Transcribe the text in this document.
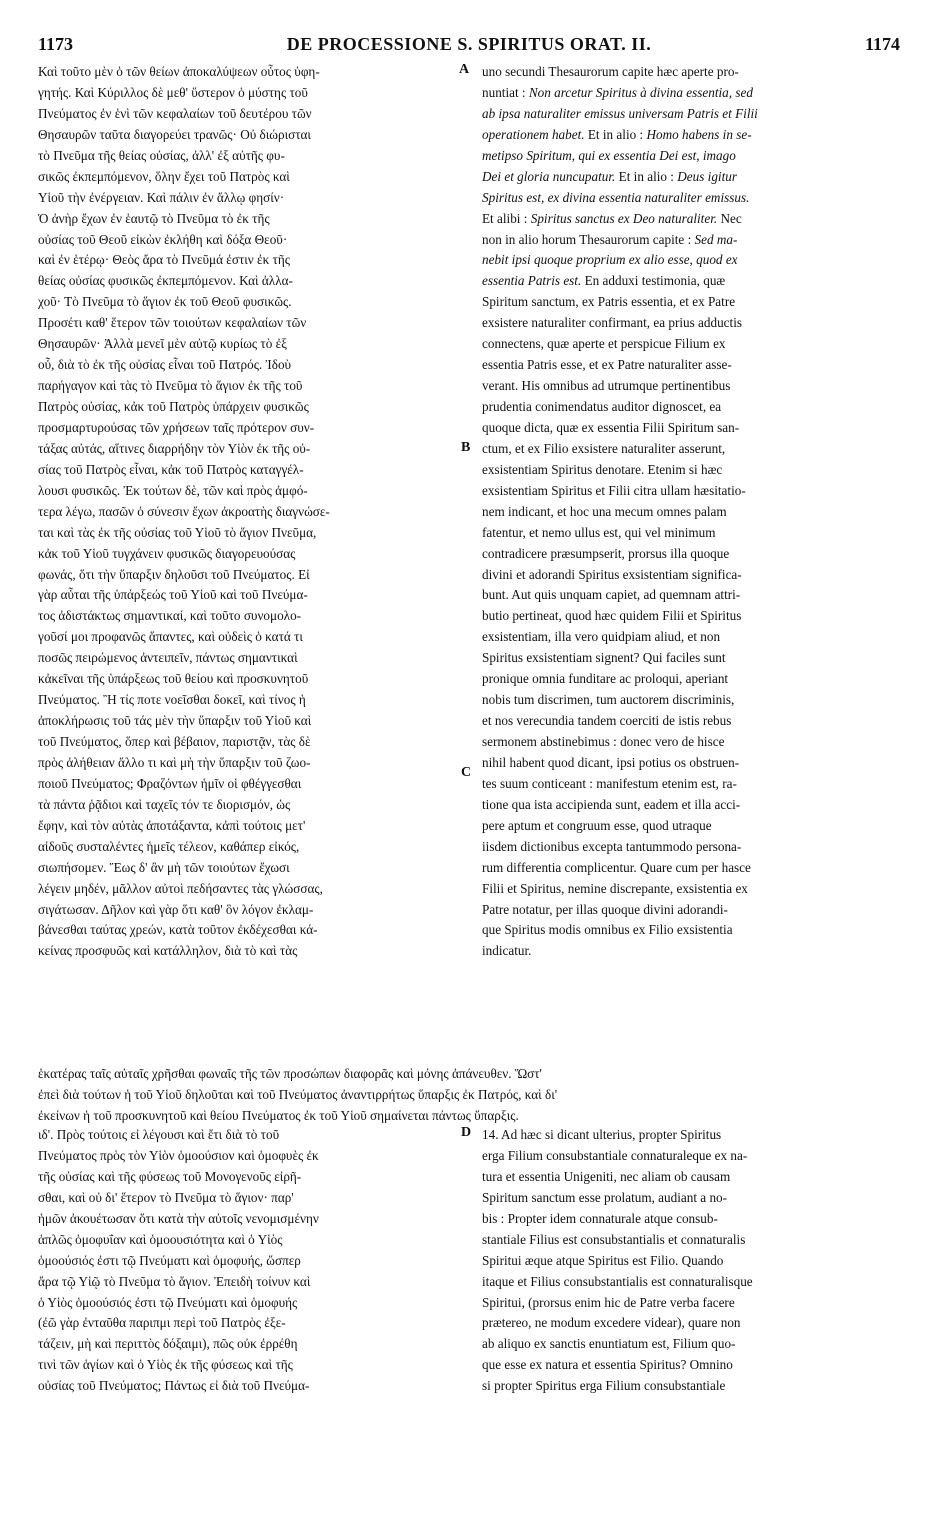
1173	DE PROCESSIONE S. SPIRITUS ORAT. II.	1174
A
B
C
D
Καὶ τοῦτο μὲν ὁ τῶν θείων ἀποκαλύψεων οὗτος ὑφη-
γητής. Καὶ Κύριλλος δὲ μεθ' ὕστερον ὁ μύστης τοῦ
Πνεύματος ἐν ἑνὶ τῶν κεφαλαίων τοῦ δευτέρου τῶν
Θησαυρῶν ταῦτα διαγορεύει τρανῶς· Οὐ διώρισται
τὸ Πνεῦμα τῆς θείας οὐσίας, ἀλλ' ἐξ αὐτῆς φυ-
σικῶς ἐκπεμπόμενον, ὅλην ἔχει τοῦ Πατρὸς καὶ
Υἱοῦ τὴν ἐνέργειαν. Καὶ πάλιν ἐν ἄλλῳ φησίν·
Ὁ ἀνὴρ ἔχων ἐν ἑαυτῷ τὸ Πνεῦμα τὸ ἐκ τῆς
οὐσίας τοῦ Θεοῦ εἰκὼν ἐκλήθη καὶ δόξα Θεοῦ·
καὶ ἐν ἑτέρῳ· Θεὸς ἄρα τὸ Πνεῦμά ἐστιν ἐκ τῆς
θείας οὐσίας φυσικῶς ἐκπεμπόμενον. Καὶ ἀλλα-
χοῦ· Τὸ Πνεῦμα τὸ ἅγιον ἐκ τοῦ Θεοῦ φυσικῶς.
Προσέτι καθ' ἕτερον τῶν τοιούτων κεφαλαίων τῶν
Θησαυρῶν· Ἀλλὰ μενεῖ μὲν αὐτῷ κυρίως τὸ ἐξ
οὗ, διὰ τὸ ἐκ τῆς οὐσίας εἶναι τοῦ Πατρός. Ἰδοὺ
παρήγαγον καὶ τὰς τὸ Πνεῦμα τὸ ἅγιον ἐκ τῆς τοῦ
Πατρὸς οὐσίας, κἀκ τοῦ Πατρὸς ὑπάρχειν φυσικῶς
προσμαρτυρούσας τῶν χρήσεων ταῖς πρότερον συν-
τάξας αὐτάς, αἵτινες διαρρήδην τὸν Υἱὸν ἐκ τῆς οὐ-
σίας τοῦ Πατρὸς εἶναι, κἀκ τοῦ Πατρὸς καταγγέλ-
λουσι φυσικῶς. Ἐκ τούτων δὲ, τῶν καὶ πρὸς ἀμφό-
τερα λέγω, πασῶν ὁ σύνεσιν ἔχων ἀκροατὴς διαγνώσε-
ται καὶ τὰς ἐκ τῆς οὐσίας τοῦ Υἱοῦ τὸ ἅγιον Πνεῦμα,
κἀκ τοῦ Υἱοῦ τυγχάνειν φυσικῶς διαγορευούσας
φωνάς, ὅτι τὴν ὕπαρξιν δηλοῦσι τοῦ Πνεύματος. Εἰ
γὰρ αὗται τῆς ὑπάρξεώς τοῦ Υἱοῦ καὶ τοῦ Πνεύμα-
τος ἀδιστάκτως σημαντικαί, καὶ τοῦτο συνομολο-
γοῦσί μοι προφανῶς ἅπαντες, καὶ οὐδεὶς ὁ κατά τι
ποσῶς πειρώμενος ἀντειπεῖν, πάντως σημαντικαὶ
κἀκεῖναι τῆς ὑπάρξεως τοῦ θείου καὶ προσκυνητοῦ
Πνεύματος. Ἢ τίς ποτε νοεῖσθαι δοκεῖ, καὶ τίνος ἡ
ἀποκλήρωσις τοῦ τάς μὲν τὴν ὕπαρξιν τοῦ Υἱοῦ καὶ
τοῦ Πνεύματος, ὅπερ καὶ βέβαιον, παριστᾷν, τὰς δὲ
πρὸς ἀλήθειαν ἄλλο τι καὶ μὴ τὴν ὕπαρξιν τοῦ ζωο-
ποιοῦ Πνεύματος; Φραζόντων ἡμῖν οἱ φθέγγεσθαι
τὰ πάντα ῥᾷδιοι καὶ ταχεῖς τόν τε διορισμόν, ὡς
ἔφην, καὶ τὸν αὐτὰς ἀποτάξαντα, κἀπὶ τούτοις μετ'
αἰδοῦς συσταλέντες ἡμεῖς τέλεον, καθάπερ εἰκός,
σιωπήσομεν. Ἕως δ' ἂν μὴ τῶν τοιούτων ἔχωσι
λέγειν μηδέν, μᾶλλον αὐτοὶ πεδήσαντες τὰς γλώσσας,
σιγάτωσαν. Δῆλον καὶ γὰρ ὅτι καθ' ὃν λόγον ἐκλαμ-
βάνεσθαι ταύτας χρεών, κατὰ τοῦτον ἐκδέχεσθαι κά-
κείνας προσφυῶς καὶ κατάλληλον, διὰ τὸ καὶ τὰς
uno secundi Thesaurorum capite hæc aperte pro-
nuntiat : Non arcetur Spiritus à divina essentia, sed
ab ipsa naturaliter emissus universam Patris et Filii
operationem habet. Et in alio : Homo habens in se-
metipso Spiritum, qui ex essentia Dei est, imago
Dei et gloria nuncupatur. Et in alio : Deus igitur
Spiritus est, ex divina essentia naturaliter emissus.
Et alibi : Spiritus sanctus ex Deo naturaliter. Nec
non in alio horum Thesaurorum capite : Sed ma-
nebit ipsi quoque proprium ex alio esse, quod ex
essentia Patris est. En adduxi testimonia, quæ
Spiritum sanctum, ex Patris essentia, et ex Patre
exsistere naturaliter confirmant, ea prius adductis
connectens, quæ aperte et perspicue Filium ex
essentia Patris esse, et ex Patre naturaliter asse-
verant. His omnibus ad utrumque pertinentibus
prudentia conimendatus auditor dignoscet, ea
quoque dicta, quæ ex essentia Filii Spiritum san-
ctum, et ex Filio exsistere naturaliter asserunt,
exsistentiam Spiritus denotare. Etenim si hæc
exsistentiam Spiritus et Filii citra ullam hæsitatio-
nem indicant, et hoc una mecum omnes palam
fatentur, et nemo ullus est, qui vel minimum
contradicere præsumpserit, prorsus illa quoque
divini et adorandi Spiritus exsistentiam significa-
bunt. Aut quis unquam capiet, ad quemnam attri-
butio pertineat, quod hæc quidem Filii et Spiritus
exsistentiam, illa vero quidpiam aliud, et non
Spiritus exsistentiam signent? Qui faciles sunt
pronique omnia funditare ac proloqui, aperiant
nobis tum discrimen, tum auctorem discriminis,
et nos verecundia tandem coerciti de istis rebus
sermonem abstinebimus : donec vero de hisce
nihil habent quod dicant, ipsi potius os obstruen-
tes suum conticeant : manifestum etenim est, ra-
tione qua ista accipienda sunt, eadem et illa acci-
pere aptum et congruum esse, quod utraque
iisdem dictionibus excepta tantummodo persona-
rum differentia complicentur. Quare cum per hasce
Filii et Spiritus, nemine discrepante, exsistentia ex
Patre notatur, per illas quoque divini adorandi-
que Spiritus modis omnibus ex Filio exsistentia
indicatur.
ἑκατέρας ταῖς αὐταῖς χρῆσθαι φωναῖς τῆς τῶν προσώπων διαφορᾶς καὶ μόνης ἀπάνευθεν. Ὥστ'
ἐπεὶ διὰ τούτων ἡ τοῦ Υἱοῦ δηλοῦται καὶ τοῦ Πνεύματος ἀναντιρρήτως ὕπαρξις ἐκ Πατρός, καὶ δι'
ἐκείνων ἡ τοῦ προσκυνητοῦ καὶ θείου Πνεύματος ἐκ τοῦ Υἱοῦ σημαίνεται πάντως ὕπαρξις.
ιδ'. Πρὸς τούτοις εἰ λέγουσι καὶ ἔτι διὰ τὸ τοῦ
Πνεύματος πρὸς τὸν Υἱὸν ὁμοούσιον καὶ ὁμοφυὲς ἐκ
τῆς οὐσίας καὶ τῆς φύσεως τοῦ Μονογενοῦς εἰρῆ-
σθαι, καὶ οὐ δι' ἕτερον τὸ Πνεῦμα τὸ ἅγιον· παρ'
ἡμῶν ἀκουέτωσαν ὅτι κατὰ τὴν αὐτοῖς νενομισμένην
ἁπλῶς ὁμοφυΐαν καὶ ὁμοουσιότητα καὶ ὁ Υἱὸς
ὁμοούσιός ἐστι τῷ Πνεύματι καὶ ὁμοφυής, ὥσπερ
ἄρα τῷ Υἱῷ τὸ Πνεῦμα τὸ ἅγιον. Ἐπειδὴ τοίνυν καὶ
ὁ Υἱὸς ὁμοούσιός ἐστι τῷ Πνεύματι καὶ ὁμοφυής
(ἐῶ γὰρ ἐνταῦθα παριπμι περὶ τοῦ Πατρὸς ἐξε-
τάζειν, μὴ καὶ περιττὸς δόξαιμι), πῶς οὐκ ἐρρέθη
τινὶ τῶν ἁγίων καὶ ὁ Υἱὸς ἐκ τῆς φύσεως καὶ τῆς
οὐσίας τοῦ Πνεύματος; Πάντως εἰ διὰ τοῦ Πνεύμα-
14. Ad hæc si dicant ulterius, propter Spiritus
erga Filium consubstantiale connaturaleque ex na-
tura et essentia Unigeniti, nec aliam ob causam
Spiritum sanctum esse prolatum, audiant a no-
bis : Propter idem connaturale atque consub-
stantiale Filius est consubstantialis et connaturalis
Spiritui æque atque Spiritus est Filio. Quando
itaque et Filius consubstantialis est connaturalisque
Spiritui, (prorsus enim hic de Patre verba facere
prætereo, ne modum excedere videar), quare non
ab aliquo ex sanctis enuntiatum est, Filium quo-
que esse ex natura et essentia Spiritus? Omnino
si propter Spiritus erga Filium consubstantiale
